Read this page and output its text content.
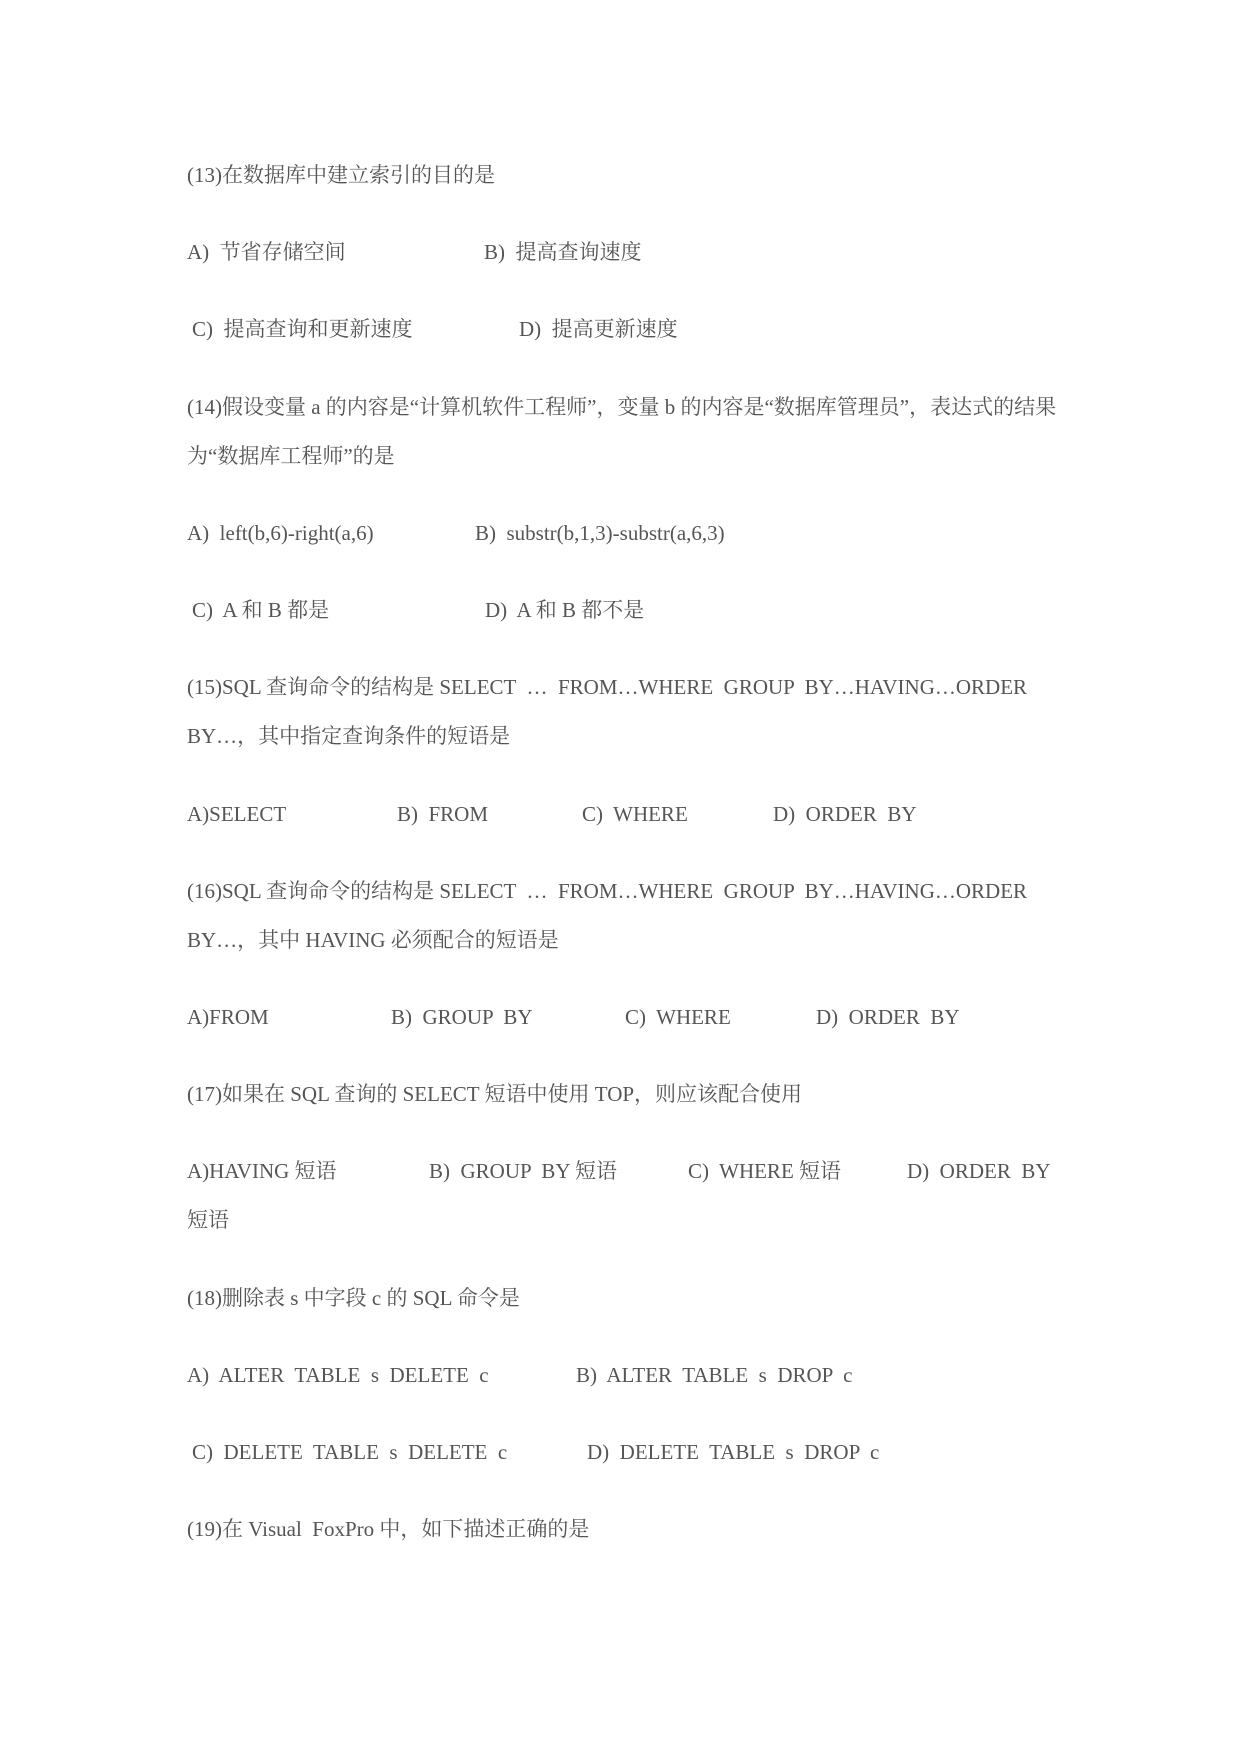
(13)在数据库中建立索引的目的是
A)  节省存储空间	B)  提高查询速度
C)  提高查询和更新速度	D)  提高更新速度
(14)假设变量 a 的内容是“计算机软件工程师”，变量 b 的内容是“数据库管理员”，表达式的结果
为“数据库工程师”的是
A)  left(b,6)-right(a,6)	B)  substr(b,1,3)-substr(a,6,3)
C)  A 和 B 都是	D)  A 和 B 都不是
(15)SQL 查询命令的结构是 SELECT  …  FROM…WHERE  GROUP  BY…HAVING…ORDER
BY…，其中指定查询条件的短语是
A)SELECT	B)  FROM	C)  WHERE	D)  ORDER  BY
(16)SQL 查询命令的结构是 SELECT  …  FROM…WHERE  GROUP  BY…HAVING…ORDER
BY…，其中 HAVING 必须配合的短语是
A)FROM	B)  GROUP  BY	C)  WHERE	D)  ORDER  BY
(17)如果在 SQL 查询的 SELECT 短语中使用 TOP，则应该配合使用
A)HAVING 短语	B)  GROUP  BY 短语	C)  WHERE 短语	D)  ORDER  BY
短语
(18)删除表 s 中字段 c 的 SQL 命令是
A)  ALTER  TABLE  s  DELETE  c	B)  ALTER  TABLE  s  DROP  c
C)  DELETE  TABLE  s  DELETE  c	D)  DELETE  TABLE  s  DROP  c
(19)在 Visual  FoxPro 中，如下描述正确的是
